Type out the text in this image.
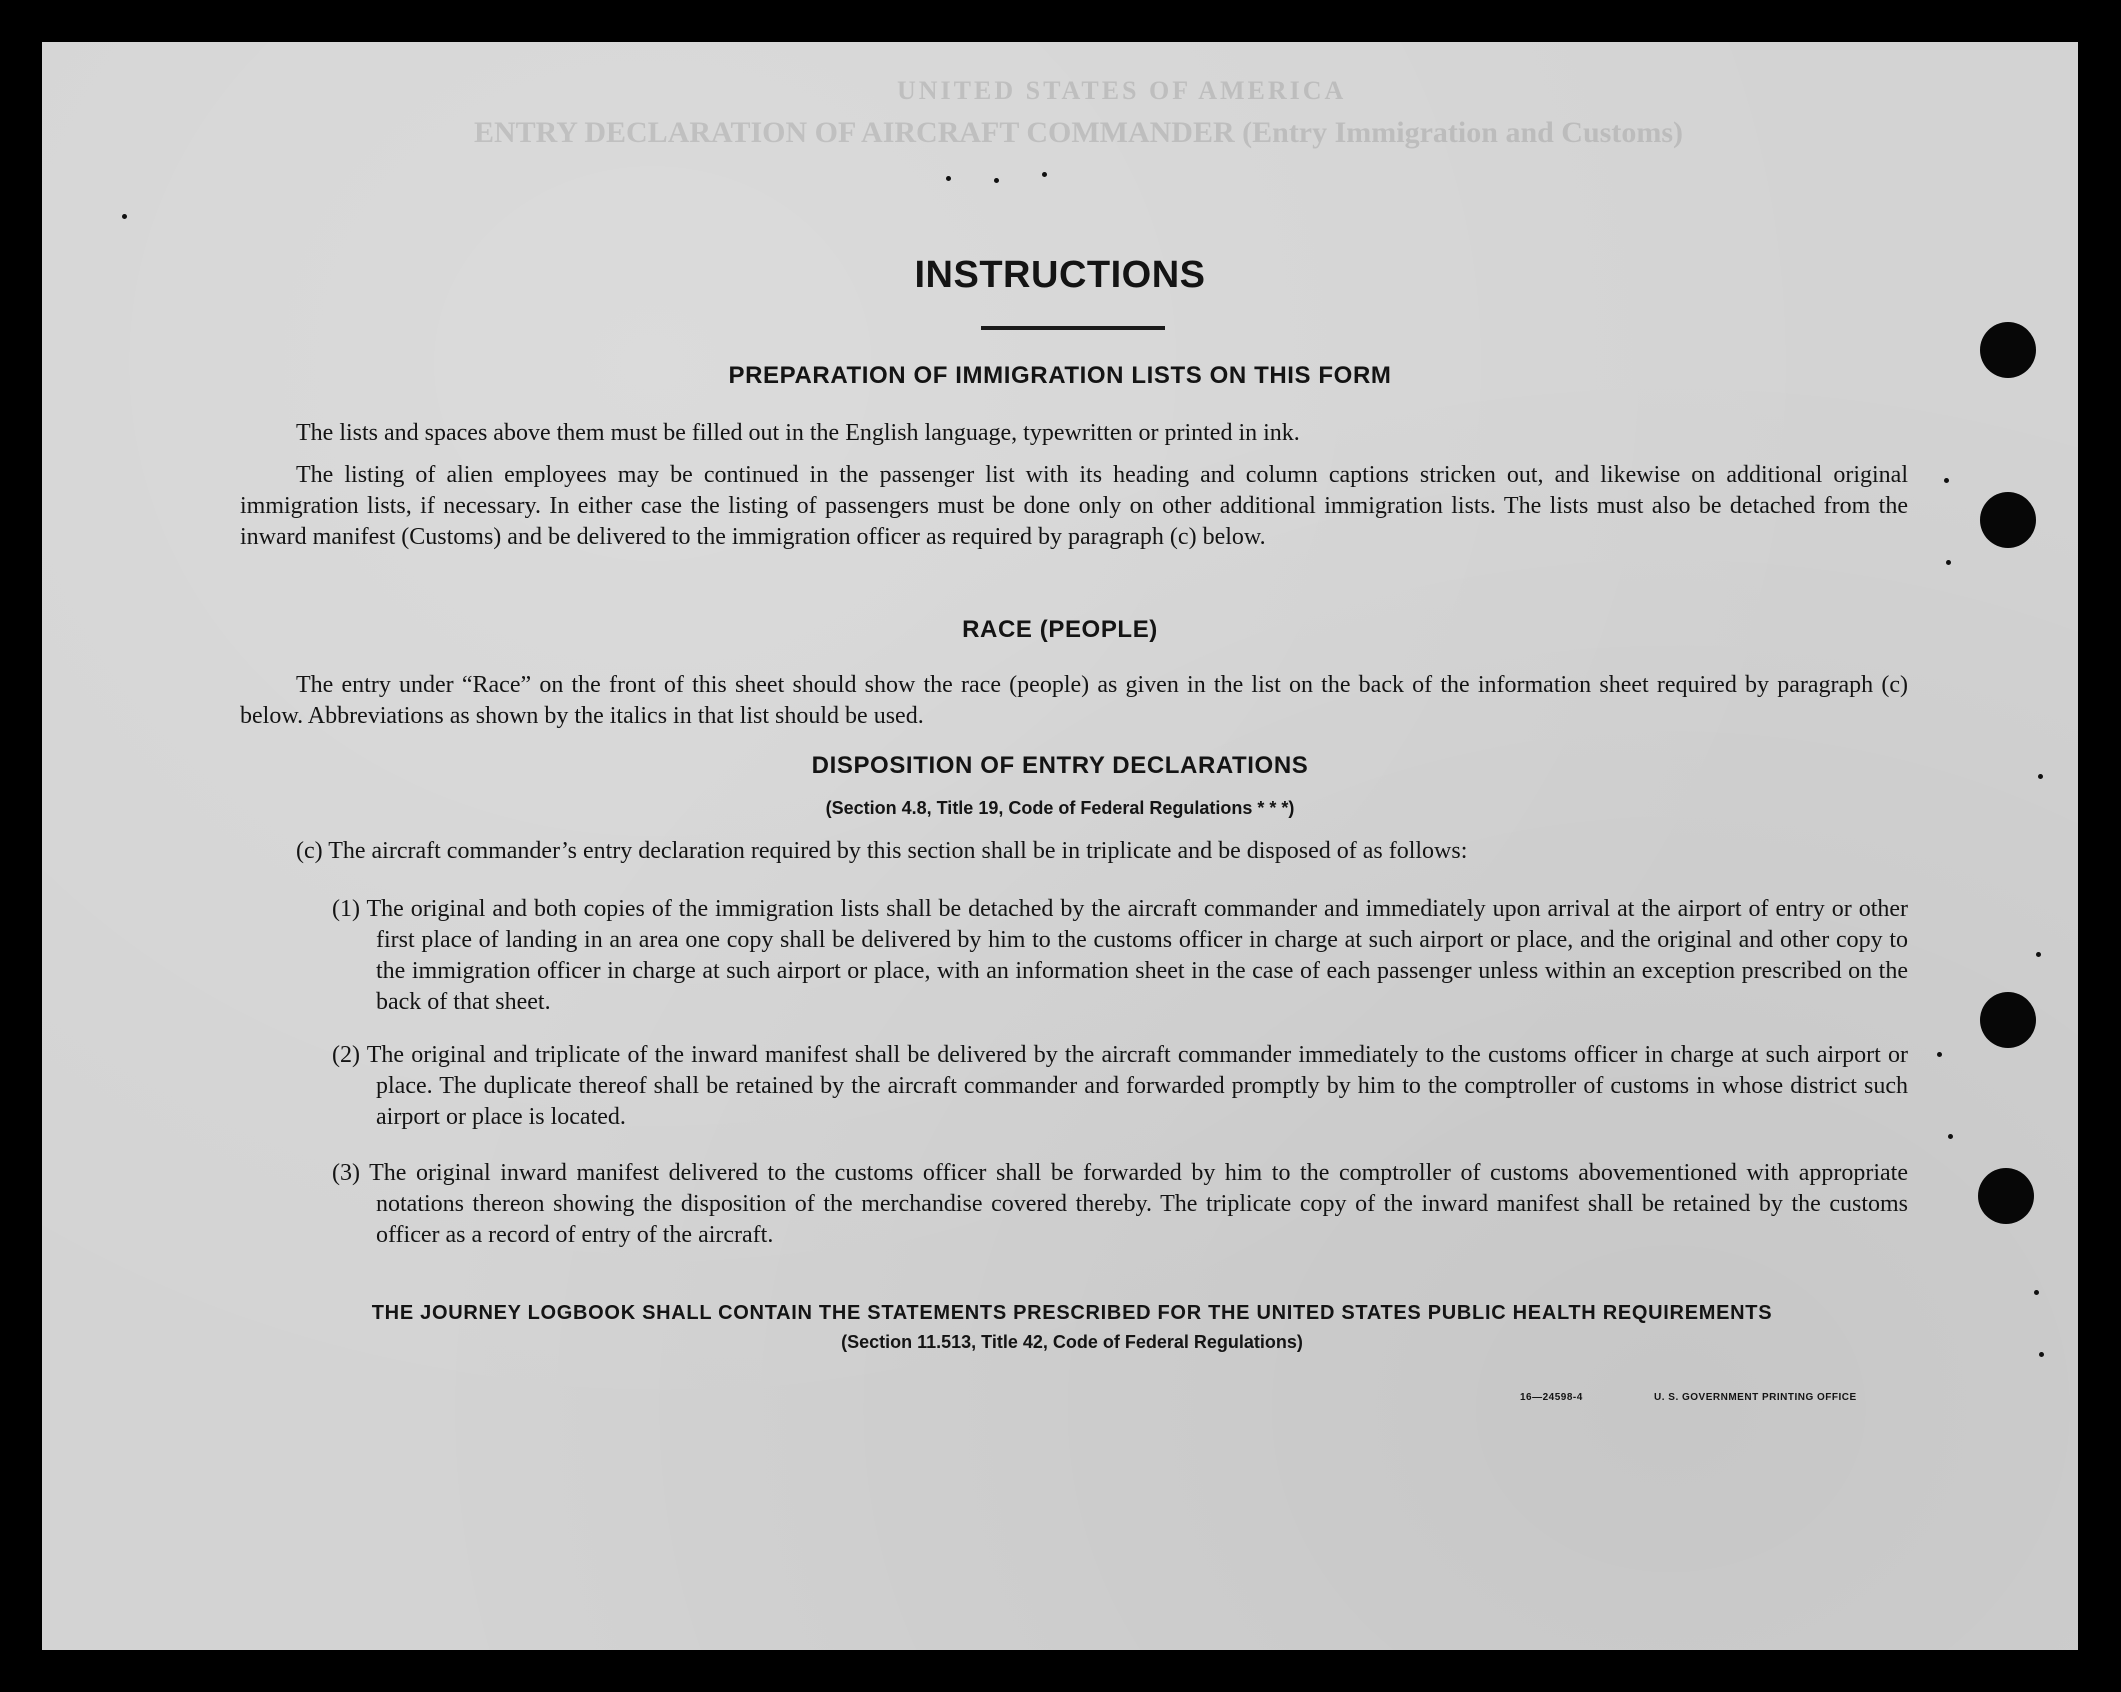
UNITED STATES OF AMERICA
ENTRY DECLARATION OF AIRCRAFT COMMANDER (Entry Immigration and Customs)
INSTRUCTIONS
PREPARATION OF IMMIGRATION LISTS ON THIS FORM
The lists and spaces above them must be filled out in the English language, typewritten or printed in ink.
The listing of alien employees may be continued in the passenger list with its heading and column captions stricken out, and likewise on additional original immigration lists, if necessary. In either case the listing of passengers must be done only on other additional immigration lists. The lists must also be detached from the inward manifest (Customs) and be delivered to the immigration officer as required by paragraph (c) below.
RACE (PEOPLE)
The entry under “Race” on the front of this sheet should show the race (people) as given in the list on the back of the information sheet required by paragraph (c) below. Abbreviations as shown by the italics in that list should be used.
DISPOSITION OF ENTRY DECLARATIONS
(Section 4.8, Title 19, Code of Federal Regulations * * *)
(c) The aircraft commander’s entry declaration required by this section shall be in triplicate and be disposed of as follows:
(1) The original and both copies of the immigration lists shall be detached by the aircraft commander and immediately upon arrival at the airport of entry or other first place of landing in an area one copy shall be delivered by him to the customs officer in charge at such airport or place, and the original and other copy to the immigration officer in charge at such airport or place, with an information sheet in the case of each passenger unless within an exception prescribed on the back of that sheet.
(2) The original and triplicate of the inward manifest shall be delivered by the aircraft commander immediately to the customs officer in charge at such airport or place. The duplicate thereof shall be retained by the aircraft commander and forwarded promptly by him to the comptroller of customs in whose district such airport or place is located.
(3) The original inward manifest delivered to the customs officer shall be forwarded by him to the comptroller of customs abovementioned with appropriate notations thereon showing the disposition of the merchandise covered thereby. The triplicate copy of the inward manifest shall be retained by the customs officer as a record of entry of the aircraft.
THE JOURNEY LOGBOOK SHALL CONTAIN THE STATEMENTS PRESCRIBED FOR THE UNITED STATES PUBLIC HEALTH REQUIREMENTS
(Section 11.513, Title 42, Code of Federal Regulations)
16—24598-4	U. S. GOVERNMENT PRINTING OFFICE
